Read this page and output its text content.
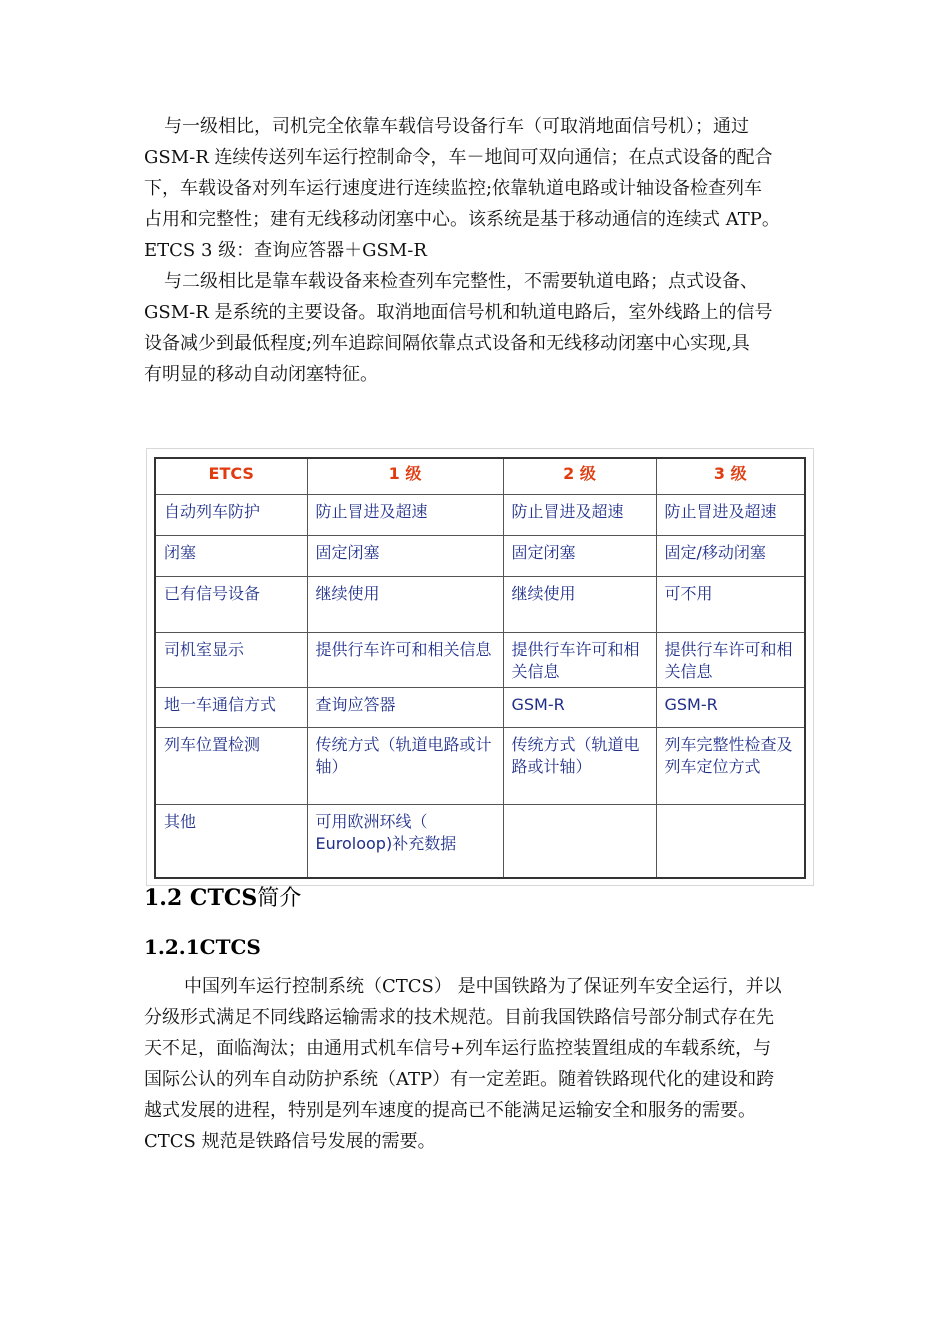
与一级相比，司机完全依靠车载信号设备行车（可取消地面信号机）；通过
GSM-R 连续传送列车运行控制命令，车－地间可双向通信；在点式设备的配合
下，车载设备对列车运行速度进行连续监控;依靠轨道电路或计轴设备检查列车
占用和完整性；建有无线移动闭塞中心。该系统是基于移动通信的连续式 ATP。
ETCS 3 级：查询应答器＋GSM-R

与二级相比是靠车载设备来检查列车完整性，不需要轨道电路；点式设备、
GSM-R 是系统的主要设备。取消地面信号机和轨道电路后，室外线路上的信号
设备减少到最低程度;列车追踪间隔依靠点式设备和无线移动闭塞中心实现,具
有明显的移动自动闭塞特征。

ETCS	1 级	2 级	3 级
自动列车防护	防止冒进及超速	防止冒进及超速	防止冒进及超速
闭塞	固定闭塞	固定闭塞	固定/移动闭塞
已有信号设备	继续使用	继续使用	可不用
司机室显示	提供行车许可和相关信息	提供行车许可和相关信息	提供行车许可和相关信息
地一车通信方式	查询应答器	GSM-R	GSM-R
列车位置检测	传统方式（轨道电路或计轴）	传统方式（轨道电路或计轴）	列车完整性检查及列车定位方式
其他	可用欧洲环线（ Euroloop)补充数据		
1.2 CTCS简介
1.2.1CTCS

中国列车运行控制系统（CTCS） 是中国铁路为了保证列车安全运行，并以
分级形式满足不同线路运输需求的技术规范。目前我国铁路信号部分制式存在先
天不足，面临淘汰；由通用式机车信号+列车运行监控装置组成的车载系统，与
国际公认的列车自动防护系统（ATP）有一定差距。随着铁路现代化的建设和跨
越式发展的进程，特别是列车速度的提高已不能满足运输安全和服务的需要。
CTCS 规范是铁路信号发展的需要。
